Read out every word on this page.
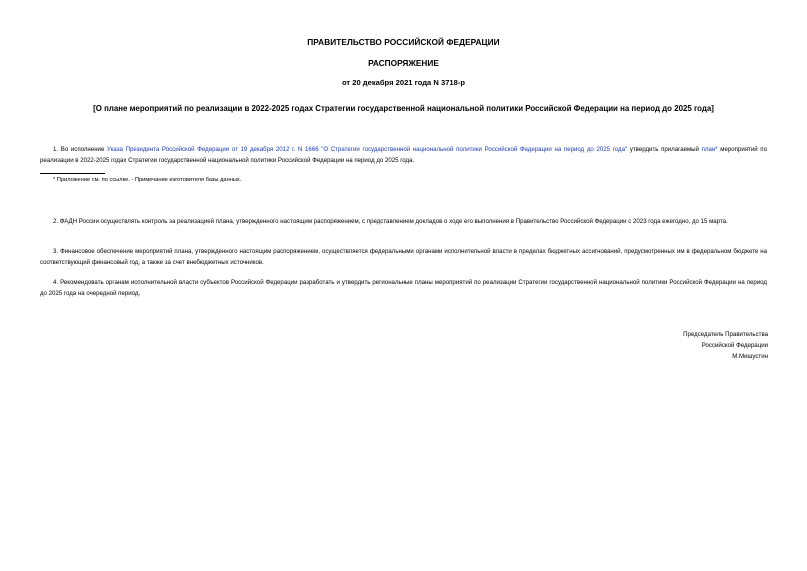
ПРАВИТЕЛЬСТВО РОССИЙСКОЙ ФЕДЕРАЦИИ
РАСПОРЯЖЕНИЕ
от 20 декабря 2021 года N 3718-р
[О плане мероприятий по реализации в 2022-2025 годах Стратегии государственной национальной политики Российской Федерации на период до 2025 года]

1. Во исполнение Указа Президента Российской Федерации от 19 декабря 2012 г. N 1666 "О Стратегии государственной национальной политики Российской Федерации на период до 2025 года" утвердить прилагаемый план* мероприятий по реализации в 2022-2025 годах Стратегии государственной национальной политики Российской Федерации на период до 2025 года.

* Приложение см. по ссылке. - Примечание изготовителя базы данных.

2. ФАДН России осуществлять контроль за реализацией плана, утвержденного настоящим распоряжением, с представлением докладов о ходе его выполнения в Правительство Российской Федерации с 2023 года ежегодно, до 15 марта.

3. Финансовое обеспечение мероприятий плана, утвержденного настоящим распоряжением, осуществляется федеральными органами исполнительной власти в пределах бюджетных ассигнований, предусмотренных им в федеральном бюджете на соответствующий финансовый год, а также за счет внебюджетных источников.

4. Рекомендовать органам исполнительной власти субъектов Российской Федерации разработать и утвердить региональные планы мероприятий по реализации Стратегии государственной национальной политики Российской Федерации на период до 2025 года на очередной период.

Председатель Правительства
Российской Федерации
М.Мишустин
